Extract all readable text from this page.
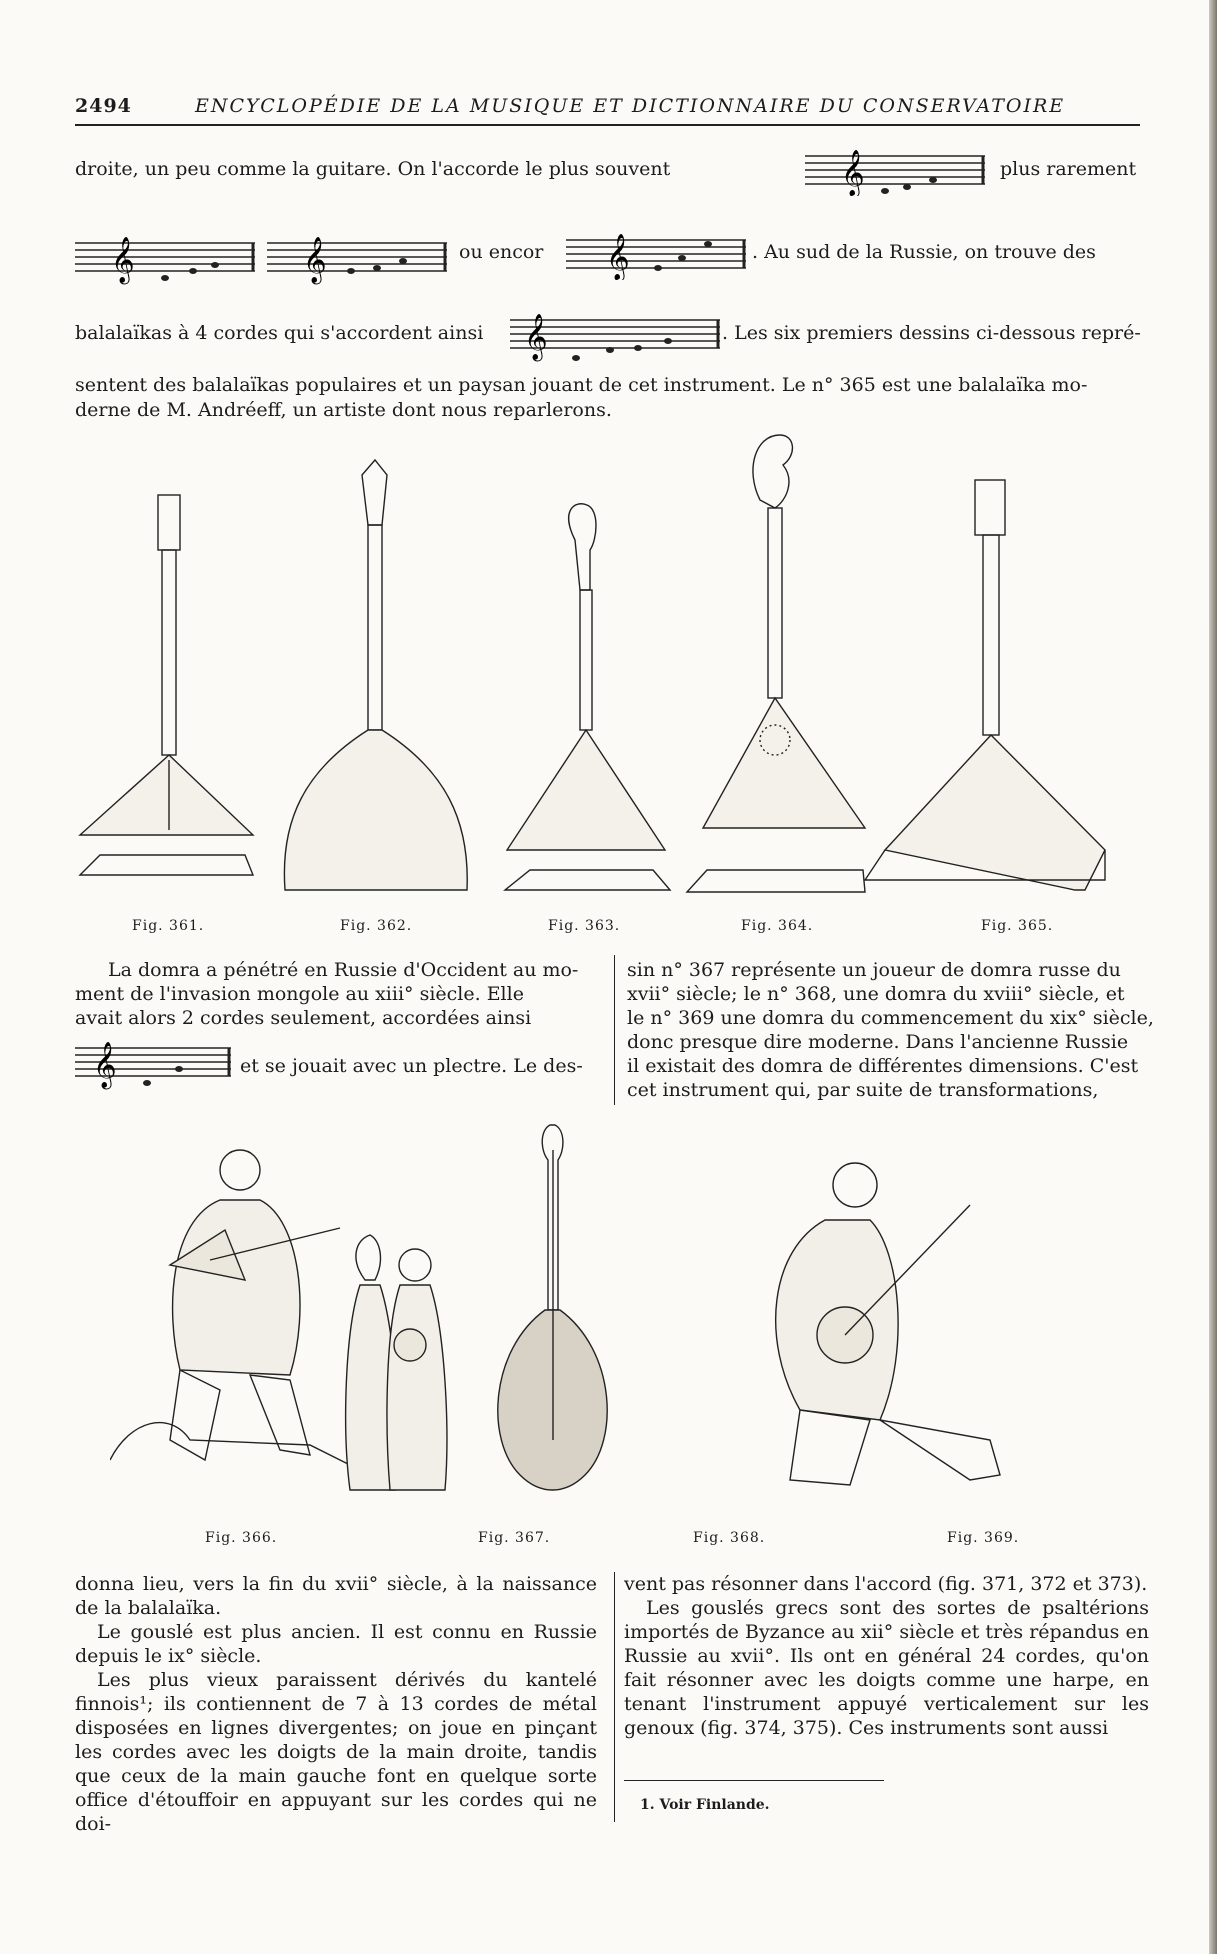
2494	ENCYCLOPÉDIE DE LA MUSIQUE ET DICTIONNAIRE DU CONSERVATOIRE
droite, un peu comme la guitare. On l'accorde le plus souvent	𝄞	plus rarement
𝄞	𝄞	ou encor 𝄞	. Au sud de la Russie, on trouve des
balalaïkas à 4 cordes qui s'accordent ainsi 𝄞	. Les six premiers dessins ci-dessous repré-
sentent des balalaïkas populaires et un paysan jouant de cet instrument. Le n° 365 est une balalaïka mo-
derne de M. Andréeff, un artiste dont nous reparlerons.
Fig. 361.	Fig. 362.	Fig. 363.	Fig. 364.	Fig. 365.
La domra a pénétré en Russie d'Occident au mo-
ment de l'invasion mongole au xiii° siècle. Elle
avait alors 2 cordes seulement, accordées ainsi
𝄞	et se jouait avec un plectre. Le des-
sin n° 367 représente un joueur de domra russe du
xvii° siècle; le n° 368, une domra du xviii° siècle, et
le n° 369 une domra du commencement du xix° siècle,
donc presque dire moderne. Dans l'ancienne Russie
il existait des domra de différentes dimensions. C'est
cet instrument qui, par suite de transformations,
Fig. 366.	Fig. 367.	Fig. 368.	Fig. 369.

donna lieu, vers la fin du xvii° siècle, à la naissance de la balalaïka.

Le gouslé est plus ancien. Il est connu en Russie depuis le ix° siècle.

Les plus vieux paraissent dérivés du kantelé finnois¹; ils contiennent de 7 à 13 cordes de métal disposées en lignes divergentes; on joue en pinçant les cordes avec les doigts de la main droite, tandis que ceux de la main gauche font en quelque sorte office d'étouffoir en appuyant sur les cordes qui ne doi-

vent pas résonner dans l'accord (fig. 371, 372 et 373).

Les gouslés grecs sont des sortes de psaltérions importés de Byzance au xii° siècle et très répandus en Russie au xvii°. Ils ont en général 24 cordes, qu'on fait résonner avec les doigts comme une harpe, en tenant l'instrument appuyé verticalement sur les genoux (fig. 374, 375). Ces instruments sont aussi

1. Voir Finlande.
